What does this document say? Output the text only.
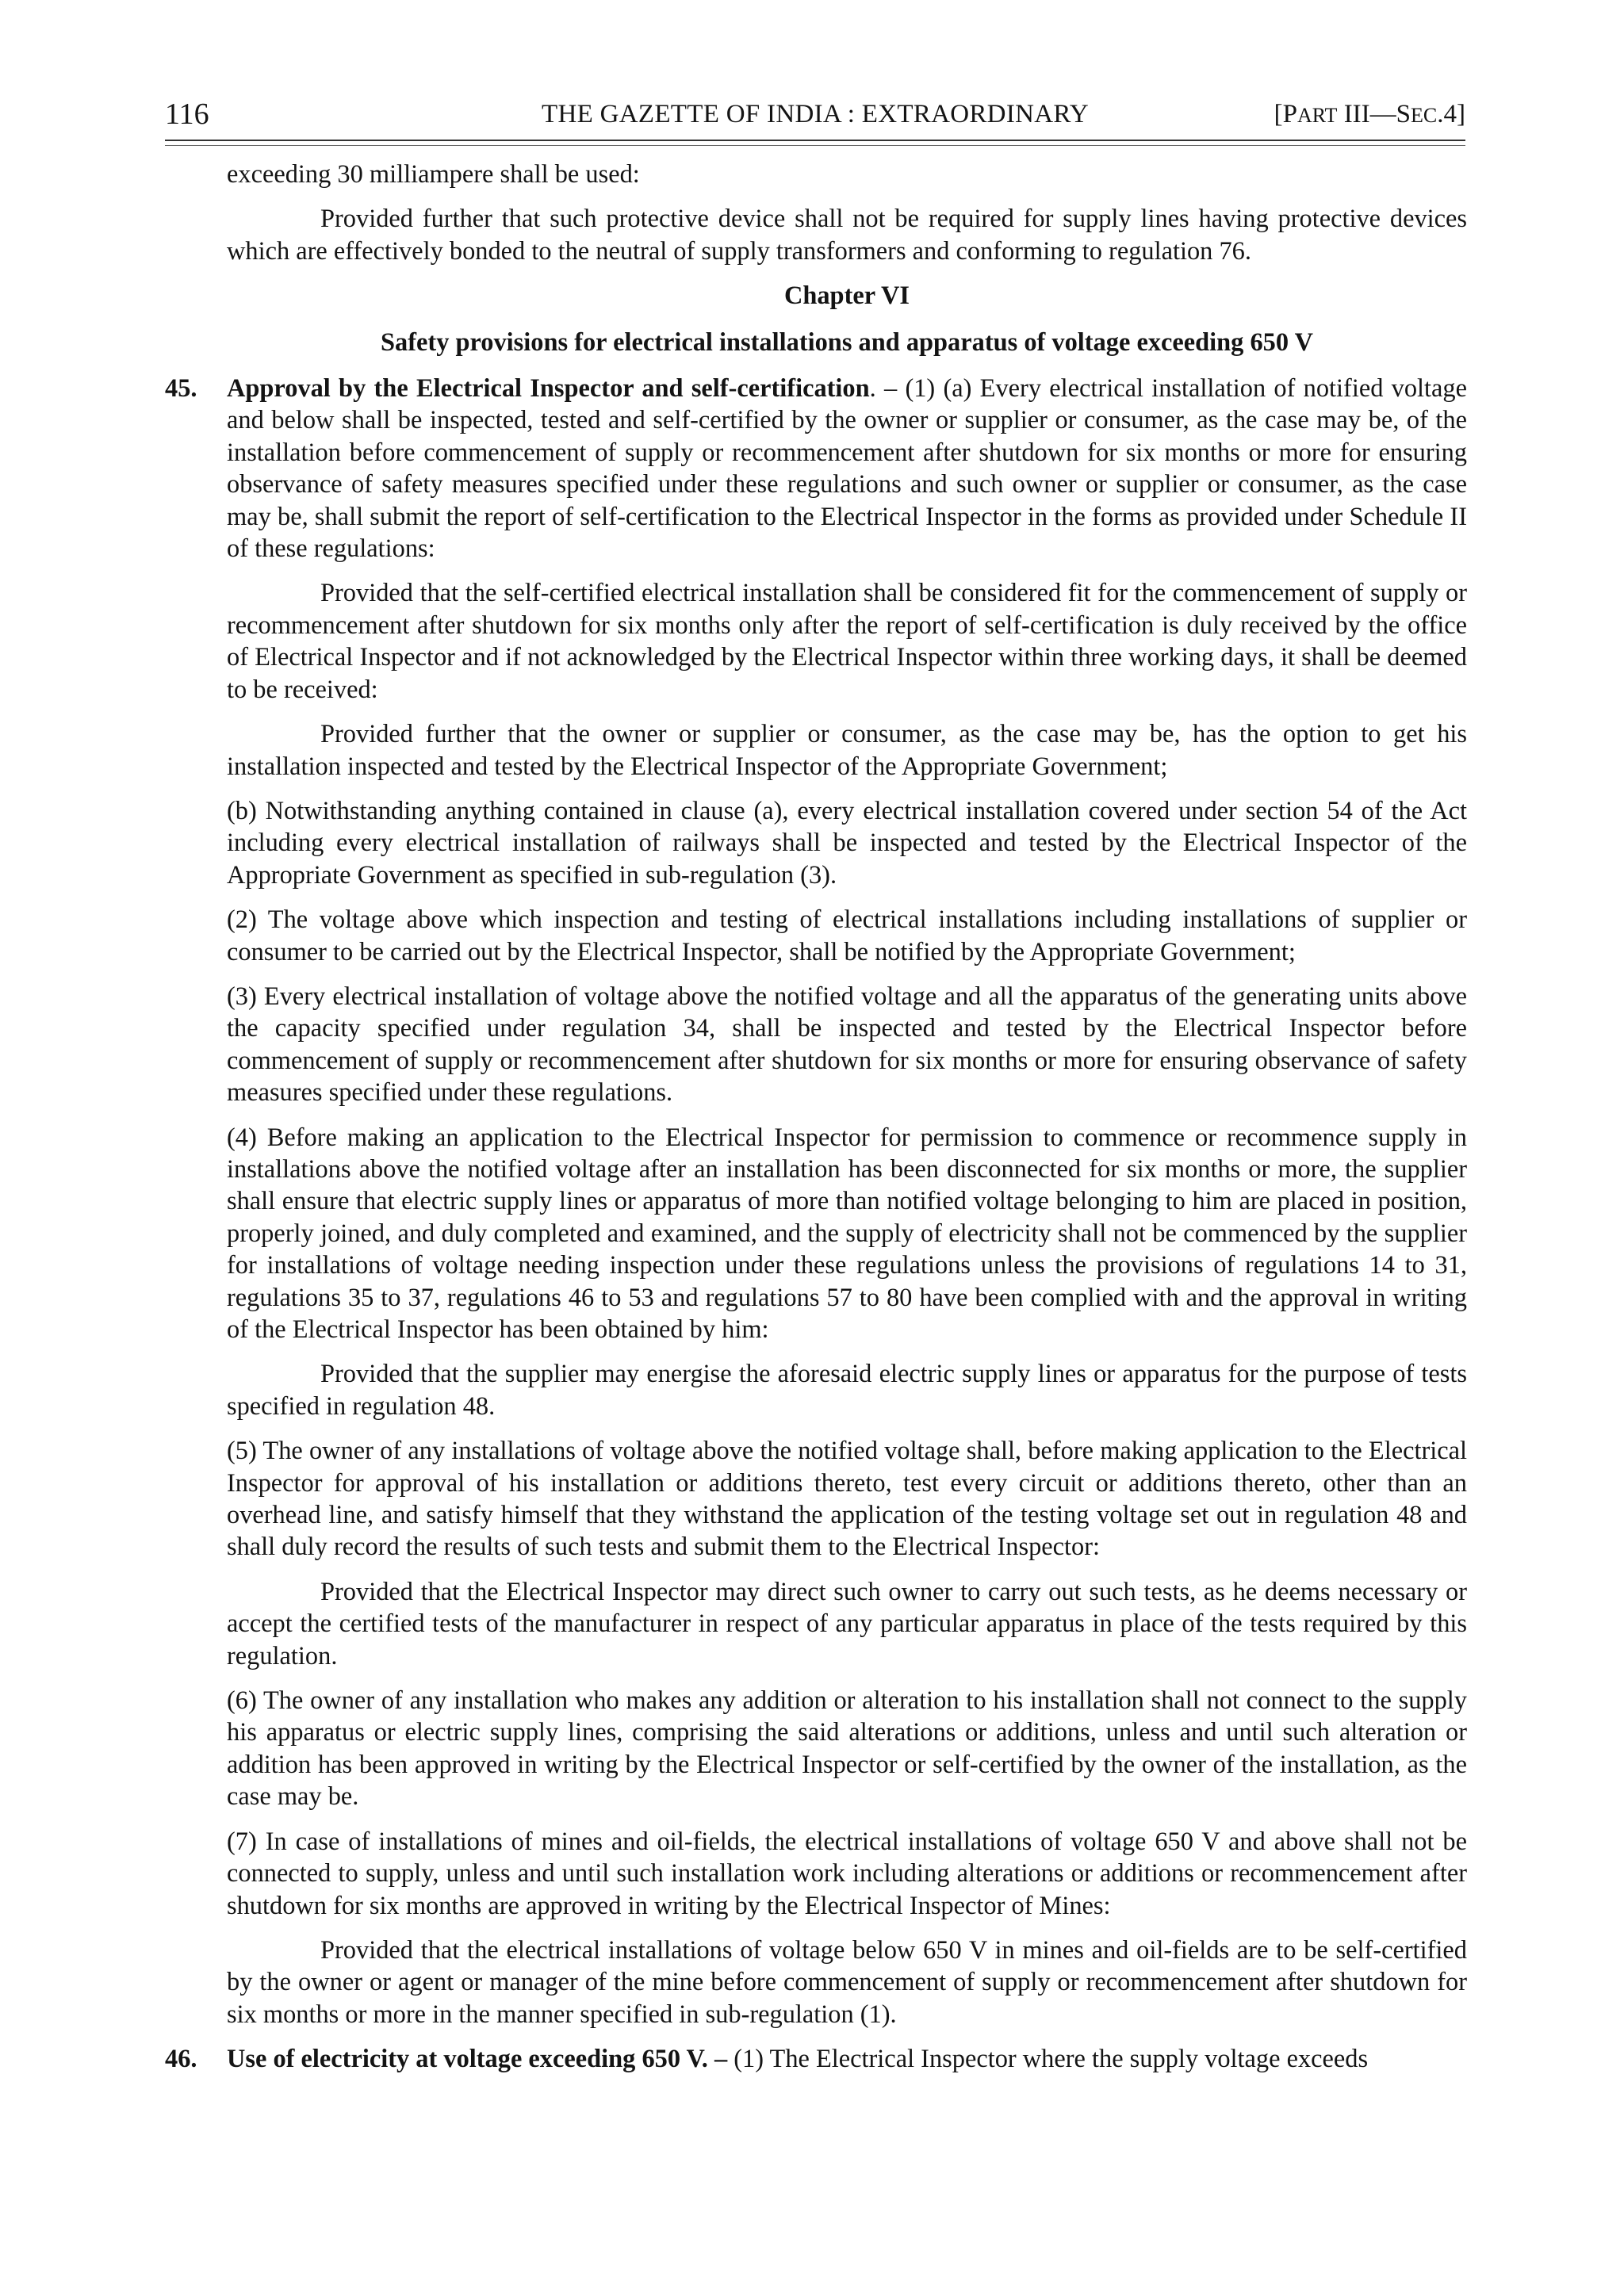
116	THE GAZETTE OF INDIA : EXTRAORDINARY	[PART III—SEC.4]

exceeding 30 milliampere shall be used:

Provided further that such protective device shall not be required for supply lines having protective devices which are effectively bonded to the neutral of supply transformers and conforming to regulation 76.

Chapter VI

Safety provisions for electrical installations and apparatus of voltage exceeding 650 V

45. Approval by the Electrical Inspector and self-certification. – (1) (a) Every electrical installation of notified voltage and below shall be inspected, tested and self-certified by the owner or supplier or consumer, as the case may be, of the installation before commencement of supply or recommencement after shutdown for six months or more for ensuring observance of safety measures specified under these regulations and such owner or supplier or consumer, as the case may be, shall submit the report of self-certification to the Electrical Inspector in the forms as provided under Schedule II of these regulations:

Provided that the self-certified electrical installation shall be considered fit for the commencement of supply or recommencement after shutdown for six months only after the report of self-certification is duly received by the office of Electrical Inspector and if not acknowledged by the Electrical Inspector within three working days, it shall be deemed to be received:

Provided further that the owner or supplier or consumer, as the case may be, has the option to get his installation inspected and tested by the Electrical Inspector of the Appropriate Government;

(b) Notwithstanding anything contained in clause (a), every electrical installation covered under section 54 of the Act including every electrical installation of railways shall be inspected and tested by the Electrical Inspector of the Appropriate Government as specified in sub-regulation (3).

(2) The voltage above which inspection and testing of electrical installations including installations of supplier or consumer to be carried out by the Electrical Inspector, shall be notified by the Appropriate Government;

(3) Every electrical installation of voltage above the notified voltage and all the apparatus of the generating units above the capacity specified under regulation 34, shall be inspected and tested by the Electrical Inspector before commencement of supply or recommencement after shutdown for six months or more for ensuring observance of safety measures specified under these regulations.

(4) Before making an application to the Electrical Inspector for permission to commence or recommence supply in installations above the notified voltage after an installation has been disconnected for six months or more, the supplier shall ensure that electric supply lines or apparatus of more than notified voltage belonging to him are placed in position, properly joined, and duly completed and examined, and the supply of electricity shall not be commenced by the supplier for installations of voltage needing inspection under these regulations unless the provisions of regulations 14 to 31, regulations 35 to 37, regulations 46 to 53 and regulations 57 to 80 have been complied with and the approval in writing of the Electrical Inspector has been obtained by him:

Provided that the supplier may energise the aforesaid electric supply lines or apparatus for the purpose of tests specified in regulation 48.

(5) The owner of any installations of voltage above the notified voltage shall, before making application to the Electrical Inspector for approval of his installation or additions thereto, test every circuit or additions thereto, other than an overhead line, and satisfy himself that they withstand the application of the testing voltage set out in regulation 48 and shall duly record the results of such tests and submit them to the Electrical Inspector:

Provided that the Electrical Inspector may direct such owner to carry out such tests, as he deems necessary or accept the certified tests of the manufacturer in respect of any particular apparatus in place of the tests required by this regulation.

(6) The owner of any installation who makes any addition or alteration to his installation shall not connect to the supply his apparatus or electric supply lines, comprising the said alterations or additions, unless and until such alteration or addition has been approved in writing by the Electrical Inspector or self-certified by the owner of the installation, as the case may be.

(7) In case of installations of mines and oil-fields, the electrical installations of voltage 650 V and above shall not be connected to supply, unless and until such installation work including alterations or additions or recommencement after shutdown for six months are approved in writing by the Electrical Inspector of Mines:

Provided that the electrical installations of voltage below 650 V in mines and oil-fields are to be self-certified by the owner or agent or manager of the mine before commencement of supply or recommencement after shutdown for six months or more in the manner specified in sub-regulation (1).

46. Use of electricity at voltage exceeding 650 V. – (1) The Electrical Inspector where the supply voltage exceeds
